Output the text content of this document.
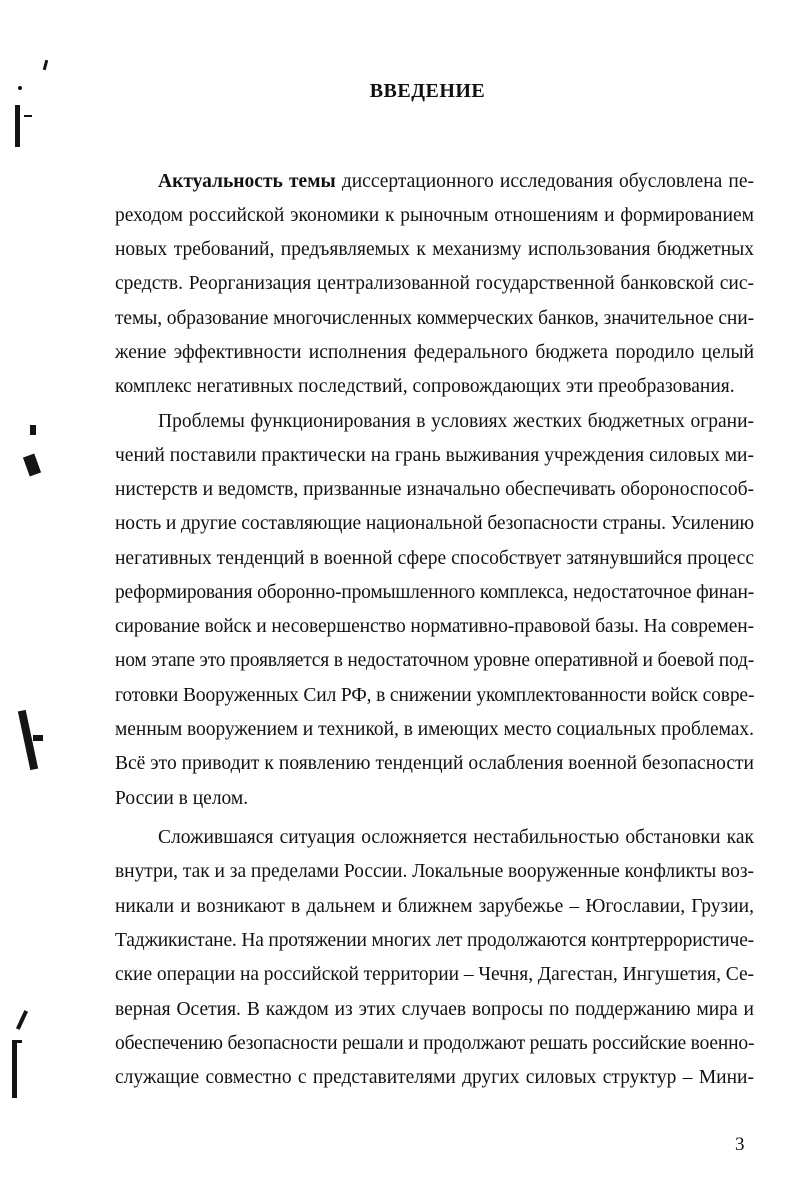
ВВЕДЕНИЕ
Актуальность темы диссертационного исследования обусловлена пе-
реходом российской экономики к рыночным отношениям и формированием
новых требований, предъявляемых к механизму использования бюджетных
средств. Реорганизация централизованной государственной банковской сис-
темы, образование многочисленных коммерческих банков, значительное сни-
жение эффективности исполнения федерального бюджета породило целый
комплекс негативных последствий, сопровождающих эти преобразования.
Проблемы функционирования в условиях жестких бюджетных ограни-
чений поставили практически на грань выживания учреждения силовых ми-
нистерств и ведомств, призванные изначально обеспечивать обороноспособ-
ность и другие составляющие национальной безопасности страны. Усилению
негативных тенденций в военной сфере способствует затянувшийся процесс
реформирования оборонно-промышленного комплекса, недостаточное финан-
сирование войск и несовершенство нормативно-правовой базы. На современ-
ном этапе это проявляется в недостаточном уровне оперативной и боевой под-
готовки Вооруженных Сил РФ, в снижении укомплектованности войск совре-
менным вооружением и техникой, в имеющих место социальных проблемах.
Всё это приводит к появлению тенденций ослабления военной безопасности
России в целом.
Сложившаяся ситуация осложняется нестабильностью обстановки как
внутри, так и за пределами России. Локальные вооруженные конфликты воз-
никали и возникают в дальнем и ближнем зарубежье – Югославии, Грузии,
Таджикистане. На протяжении многих лет продолжаются контртеррористиче-
ские операции на российской территории – Чечня, Дагестан, Ингушетия, Се-
верная Осетия. В каждом из этих случаев вопросы по поддержанию мира и
обеспечению безопасности решали и продолжают решать российские военно-
служащие совместно с представителями других силовых структур – Мини-
3
